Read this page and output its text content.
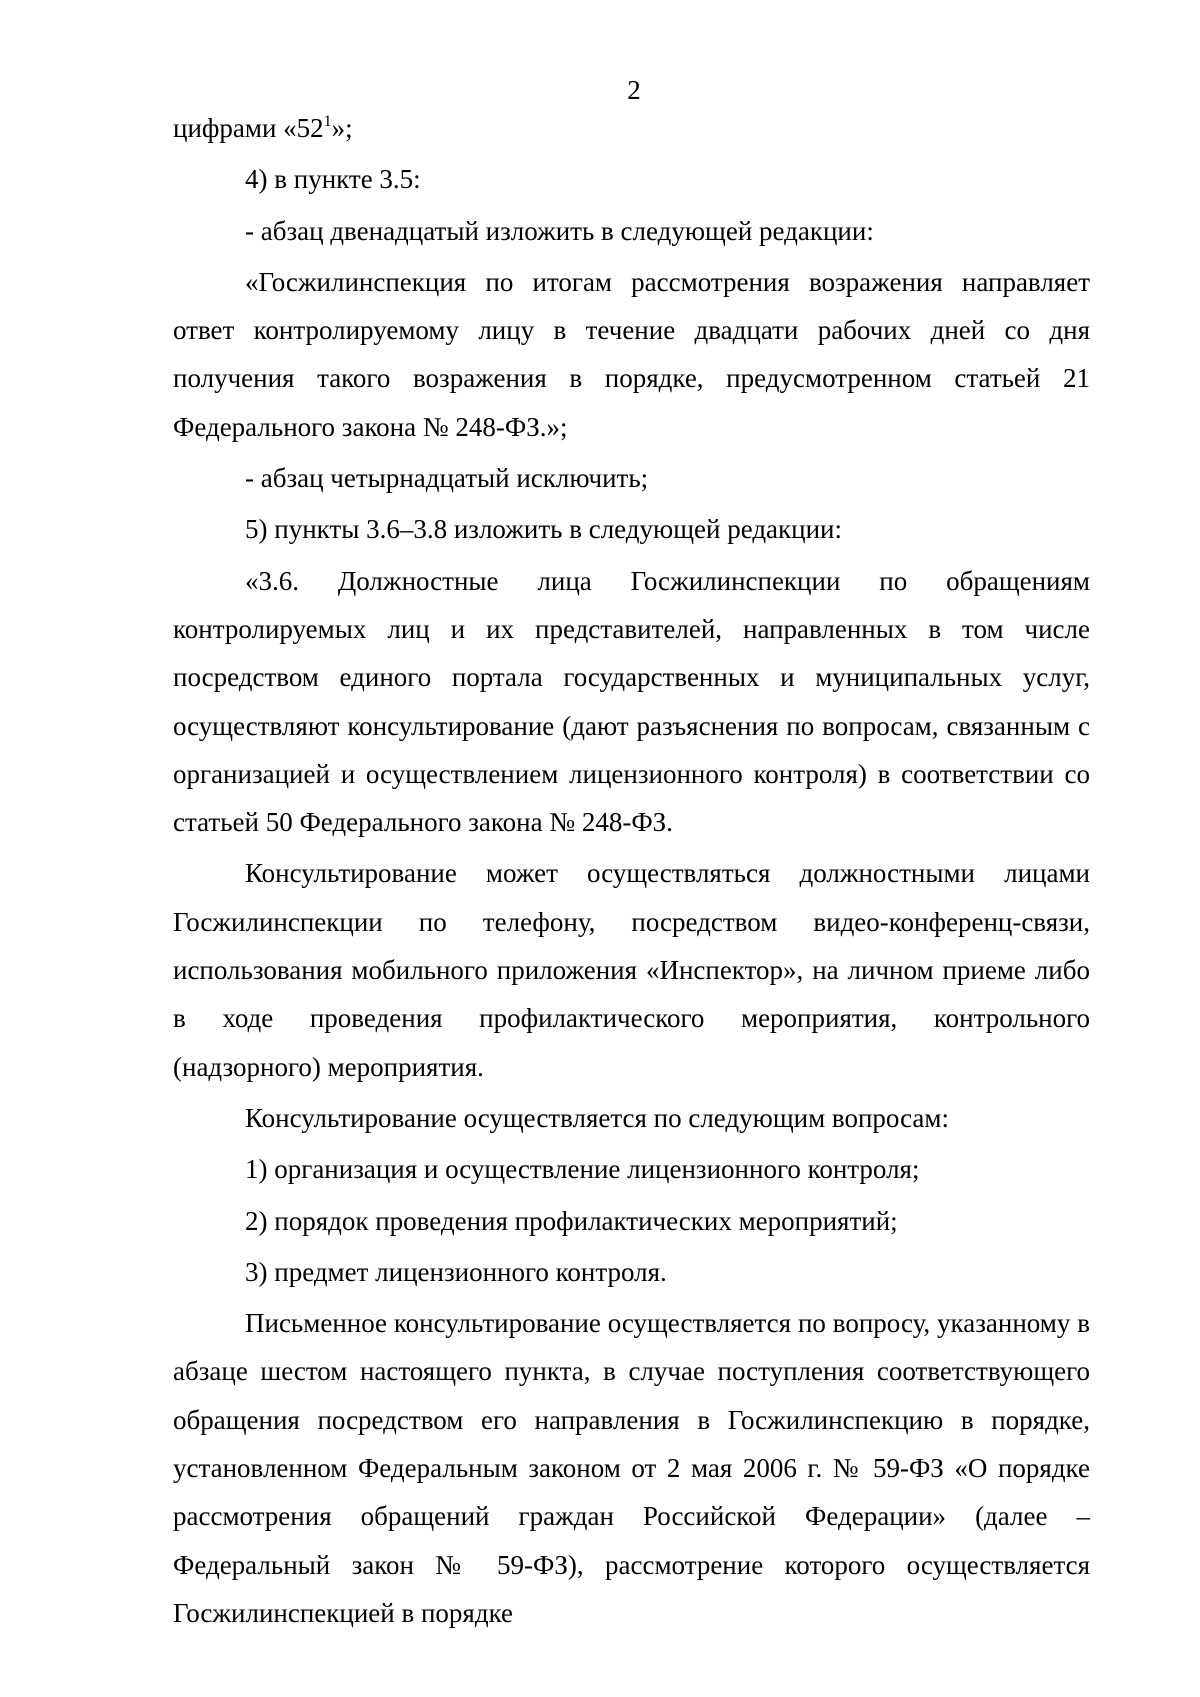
2

цифрами «$52^1$»;

4) в пункте 3.5:

- абзац двенадцатый изложить в следующей редакции:

«Госжилинспекция по итогам рассмотрения возражения направляет ответ контролируемому лицу в течение двадцати рабочих дней со дня получения такого возражения в порядке, предусмотренном статьей 21 Федерального закона № 248-ФЗ.»;

- абзац четырнадцатый исключить;

5) пункты 3.6–3.8 изложить в следующей редакции:

«3.6. Должностные лица Госжилинспекции по обращениям контролируемых лиц и их представителей, направленных в том числе посредством единого портала государственных и муниципальных услуг, осуществляют консультирование (дают разъяснения по вопросам, связанным с организацией и осуществлением лицензионного контроля) в соответствии со статьей 50 Федерального закона № 248-ФЗ.

Консультирование может осуществляться должностными лицами Госжилинспекции по телефону, посредством видео-конференц-связи, использования мобильного приложения «Инспектор», на личном приеме либо в ходе проведения профилактического мероприятия, контрольного (надзорного) мероприятия.

Консультирование осуществляется по следующим вопросам:

1) организация и осуществление лицензионного контроля;

2) порядок проведения профилактических мероприятий;

3) предмет лицензионного контроля.

Письменное консультирование осуществляется по вопросу, указанному в абзаце шестом настоящего пункта, в случае поступления соответствующего обращения посредством его направления в Госжилинспекцию в порядке, установленном Федеральным законом от 2 мая 2006 г. № 59-ФЗ «О порядке рассмотрения обращений граждан Российской Федерации» (далее – Федеральный закон № 59-ФЗ), рассмотрение которого осуществляется Госжилинспекцией в порядке
